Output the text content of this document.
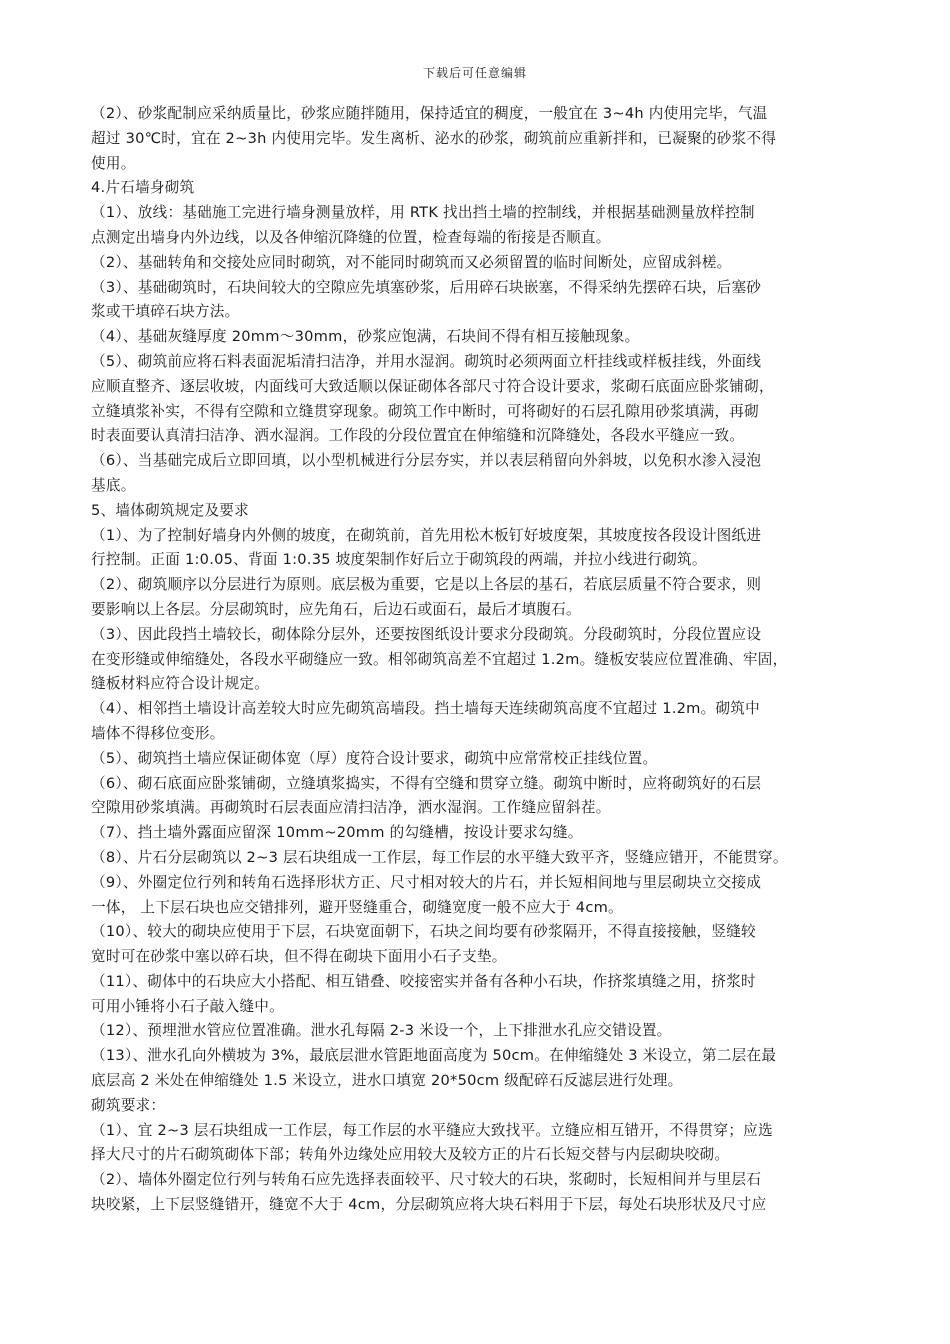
下载后可任意编辑
（2）、砂浆配制应采纳质量比，砂浆应随拌随用，保持适宜的稠度，一般宜在 3~4h 内使用完毕，气温
超过 30℃时，宜在 2~3h 内使用完毕。发生离析、泌水的砂浆，砌筑前应重新拌和，已凝聚的砂浆不得
使用。
4.片石墙身砌筑
（1）、放线：基础施工完进行墙身测量放样，用 RTK 找出挡土墙的控制线，并根据基础测量放样控制
点测定出墙身内外边线，以及各伸缩沉降缝的位置，检查每端的衔接是否顺直。
（2）、基础转角和交接处应同时砌筑，对不能同时砌筑而又必须留置的临时间断处，应留成斜槎。
（3）、基础砌筑时，石块间较大的空隙应先填塞砂浆，后用碎石块嵌塞，不得采纳先摆碎石块，后塞砂
浆或干填碎石块方法。
（4）、基础灰缝厚度 20mm～30mm，砂浆应饱满，石块间不得有相互接触现象。
（5）、砌筑前应将石料表面泥垢清扫洁净，并用水湿润。砌筑时必须两面立杆挂线或样板挂线，外面线
应顺直整齐、逐层收坡，内面线可大致适顺以保证砌体各部尺寸符合设计要求，浆砌石底面应卧浆铺砌，
立缝填浆补实，不得有空隙和立缝贯穿现象。砌筑工作中断时，可将砌好的石层孔隙用砂浆填满，再砌
时表面要认真清扫洁净、洒水湿润。工作段的分段位置宜在伸缩缝和沉降缝处，各段水平缝应一致。
（6）、当基础完成后立即回填，以小型机械进行分层夯实，并以表层稍留向外斜坡，以免积水渗入浸泡
基底。
5、墙体砌筑规定及要求
（1）、为了控制好墙身内外侧的坡度，在砌筑前，首先用松木板钉好坡度架，其坡度按各段设计图纸进
行控制。正面 1:0.05、背面 1:0.35 坡度架制作好后立于砌筑段的两端，并拉小线进行砌筑。
（2）、砌筑顺序以分层进行为原则。底层极为重要，它是以上各层的基石，若底层质量不符合要求，则
要影响以上各层。分层砌筑时，应先角石，后边石或面石，最后才填腹石。
（3）、因此段挡土墙较长，砌体除分层外，还要按图纸设计要求分段砌筑。分段砌筑时，分段位置应设
在变形缝或伸缩缝处，各段水平砌缝应一致。相邻砌筑高差不宜超过 1.2m。缝板安装应位置准确、牢固，
缝板材料应符合设计规定。
（4）、相邻挡土墙设计高差较大时应先砌筑高墙段。挡土墙每天连续砌筑高度不宜超过 1.2m。砌筑中
墙体不得移位变形。
（5）、砌筑挡土墙应保证砌体宽（厚）度符合设计要求，砌筑中应常常校正挂线位置。
（6）、砌石底面应卧浆铺砌，立缝填浆捣实，不得有空缝和贯穿立缝。砌筑中断时，应将砌筑好的石层
空隙用砂浆填满。再砌筑时石层表面应清扫洁净，洒水湿润。工作缝应留斜茬。
（7）、挡土墙外露面应留深 10mm~20mm 的勾缝槽，按设计要求勾缝。
（8）、片石分层砌筑以 2~3 层石块组成一工作层，每工作层的水平缝大致平齐，竖缝应错开，不能贯穿。
（9）、外圈定位行列和转角石选择形状方正、尺寸相对较大的片石，并长短相间地与里层砌块立交接成
一体， 上下层石块也应交错排列，避开竖缝重合，砌缝宽度一般不应大于 4cm。
（10）、较大的砌块应使用于下层，石块宽面朝下，石块之间均要有砂浆隔开，不得直接接触，竖缝较
宽时可在砂浆中塞以碎石块，但不得在砌块下面用小石子支垫。
（11）、砌体中的石块应大小搭配、相互错叠、咬接密实并备有各种小石块，作挤浆填缝之用，挤浆时
可用小锤将小石子敲入缝中。
（12）、预埋泄水管应位置准确。泄水孔每隔 2-3 米设一个，上下排泄水孔应交错设置。
（13）、泄水孔向外横坡为 3%，最底层泄水管距地面高度为 50cm。在伸缩缝处 3 米设立，第二层在最
底层高 2 米处在伸缩缝处 1.5 米设立，进水口填宽 20*50cm 级配碎石反滤层进行处理。
砌筑要求：
（1）、宜 2~3 层石块组成一工作层，每工作层的水平缝应大致找平。立缝应相互错开，不得贯穿；应选
择大尺寸的片石砌筑砌体下部；转角外边缘处应用较大及较方正的片石长短交替与内层砌块咬砌。
（2）、墙体外圈定位行列与转角石应先选择表面较平、尺寸较大的石块，浆砌时，长短相间并与里层石
块咬紧，上下层竖缝错开，缝宽不大于 4cm，分层砌筑应将大块石料用于下层，每处石块形状及尺寸应
